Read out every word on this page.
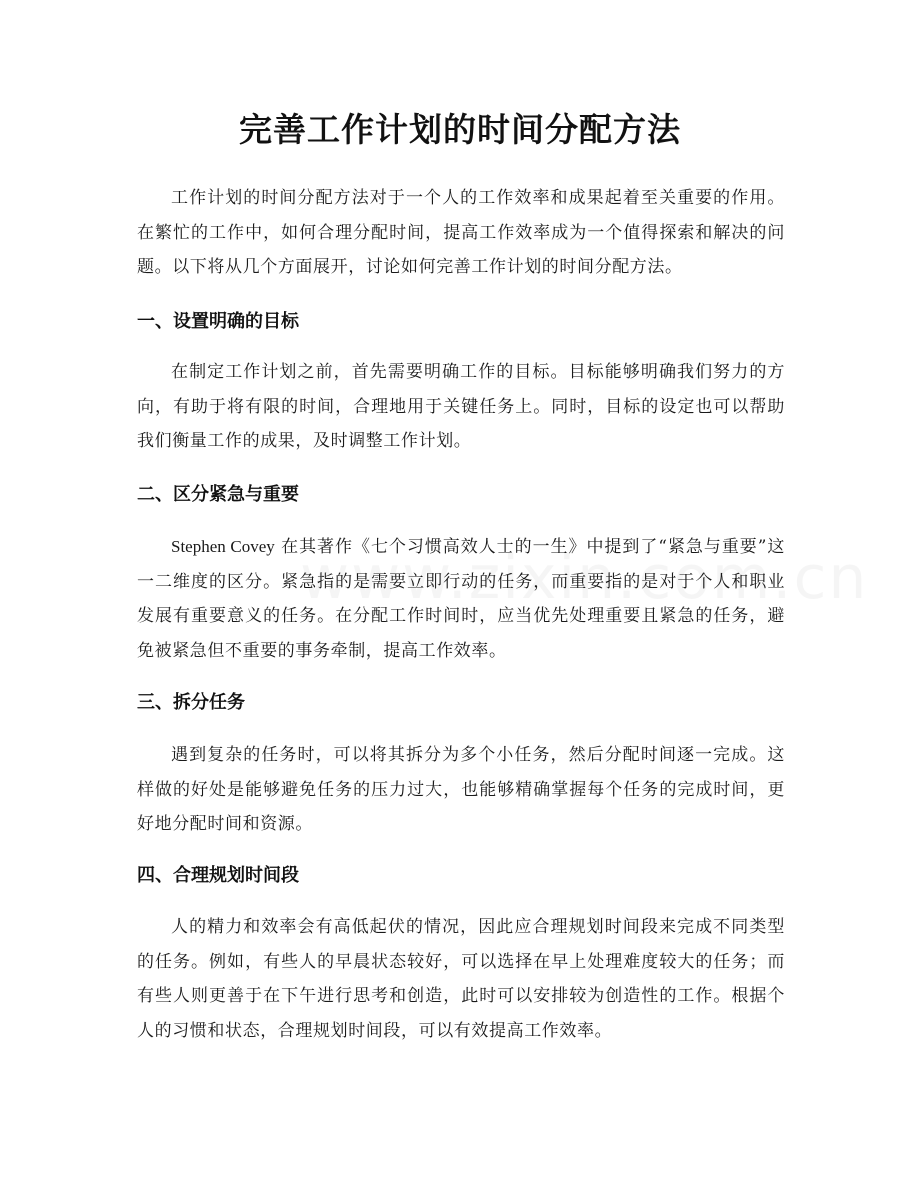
完善工作计划的时间分配方法

工作计划的时间分配方法对于一个人的工作效率和成果起着至关重要的作用。在繁忙的工作中，如何合理分配时间，提高工作效率成为一个值得探索和解决的问题。以下将从几个方面展开，讨论如何完善工作计划的时间分配方法。

一、设置明确的目标

在制定工作计划之前，首先需要明确工作的目标。目标能够明确我们努力的方向，有助于将有限的时间，合理地用于关键任务上。同时，目标的设定也可以帮助我们衡量工作的成果，及时调整工作计划。

二、区分紧急与重要

Stephen Covey 在其著作《七个习惯高效人士的一生》中提到了“紧急与重要”这一二维度的区分。紧急指的是需要立即行动的任务，而重要指的是对于个人和职业发展有重要意义的任务。在分配工作时间时，应当优先处理重要且紧急的任务，避免被紧急但不重要的事务牵制，提高工作效率。

三、拆分任务

遇到复杂的任务时，可以将其拆分为多个小任务，然后分配时间逐一完成。这样做的好处是能够避免任务的压力过大，也能够精确掌握每个任务的完成时间，更好地分配时间和资源。

四、合理规划时间段

人的精力和效率会有高低起伏的情况，因此应合理规划时间段来完成不同类型的任务。例如，有些人的早晨状态较好，可以选择在早上处理难度较大的任务；而有些人则更善于在下午进行思考和创造，此时可以安排较为创造性的工作。根据个人的习惯和状态，合理规划时间段，可以有效提高工作效率。
